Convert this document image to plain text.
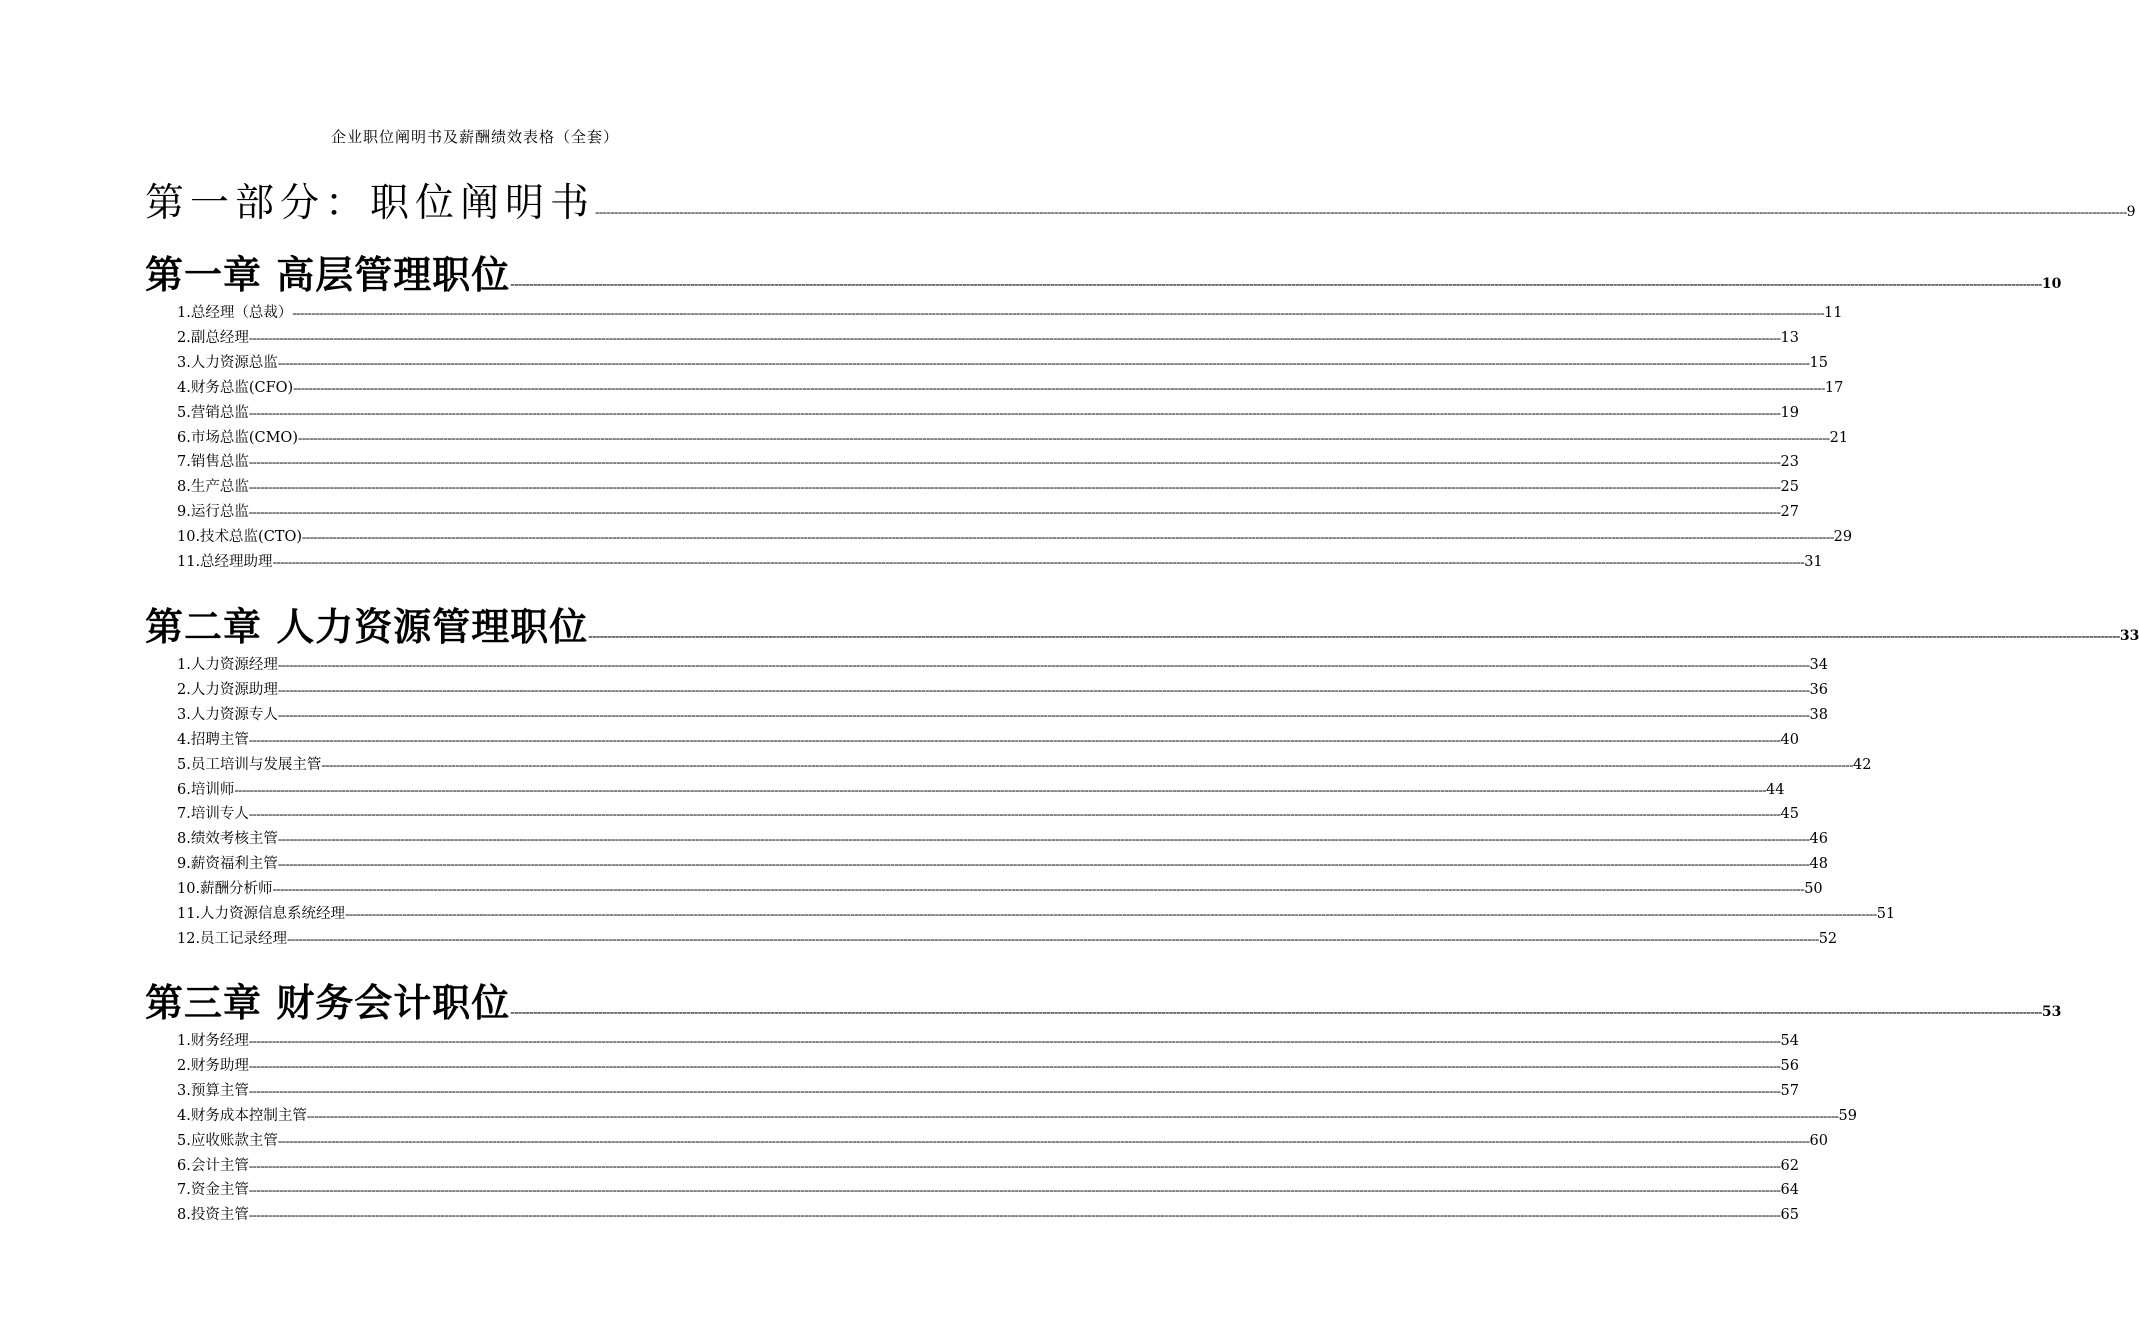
企业职位阐明书及薪酬绩效表格（全套）
第一部分：职位阐明书 ---------------------------------------------------------------------------------------------------------------------------------------------------------------------------------------------------------------------------------------------------------------------------------------------------------------------------------------------------------------------------------------------------------------- 9
第一章 高层管理职位 ---------------------------------------------------------------------------------------------------------------------------------------------------------------------------------------------------------------------------------------------------------------------------------------------------------------------------------------------------------------------------------------------------------------- 10
1.总经理（总裁） ---------------------------------------------------------------------------------------------------------------------------------------------------------------------------------------------------------------------------------------------------------------------------------------------------------------------------------------------------------------------------------------------------------------- 11
2.副总经理 ---------------------------------------------------------------------------------------------------------------------------------------------------------------------------------------------------------------------------------------------------------------------------------------------------------------------------------------------------------------------------------------------------------------- 13
3.人力资源总监 ---------------------------------------------------------------------------------------------------------------------------------------------------------------------------------------------------------------------------------------------------------------------------------------------------------------------------------------------------------------------------------------------------------------- 15
4.财务总监(CFO) ---------------------------------------------------------------------------------------------------------------------------------------------------------------------------------------------------------------------------------------------------------------------------------------------------------------------------------------------------------------------------------------------------------------- 17
5.营销总监 ---------------------------------------------------------------------------------------------------------------------------------------------------------------------------------------------------------------------------------------------------------------------------------------------------------------------------------------------------------------------------------------------------------------- 19
6.市场总监(CMO) ---------------------------------------------------------------------------------------------------------------------------------------------------------------------------------------------------------------------------------------------------------------------------------------------------------------------------------------------------------------------------------------------------------------- 21
7.销售总监 ---------------------------------------------------------------------------------------------------------------------------------------------------------------------------------------------------------------------------------------------------------------------------------------------------------------------------------------------------------------------------------------------------------------- 23
8.生产总监 ---------------------------------------------------------------------------------------------------------------------------------------------------------------------------------------------------------------------------------------------------------------------------------------------------------------------------------------------------------------------------------------------------------------- 25
9.运行总监 ---------------------------------------------------------------------------------------------------------------------------------------------------------------------------------------------------------------------------------------------------------------------------------------------------------------------------------------------------------------------------------------------------------------- 27
10.技术总监(CTO) ---------------------------------------------------------------------------------------------------------------------------------------------------------------------------------------------------------------------------------------------------------------------------------------------------------------------------------------------------------------------------------------------------------------- 29
11.总经理助理 ---------------------------------------------------------------------------------------------------------------------------------------------------------------------------------------------------------------------------------------------------------------------------------------------------------------------------------------------------------------------------------------------------------------- 31
第二章 人力资源管理职位 ---------------------------------------------------------------------------------------------------------------------------------------------------------------------------------------------------------------------------------------------------------------------------------------------------------------------------------------------------------------------------------------------------------------- 33
1.人力资源经理 ---------------------------------------------------------------------------------------------------------------------------------------------------------------------------------------------------------------------------------------------------------------------------------------------------------------------------------------------------------------------------------------------------------------- 34
2.人力资源助理 ---------------------------------------------------------------------------------------------------------------------------------------------------------------------------------------------------------------------------------------------------------------------------------------------------------------------------------------------------------------------------------------------------------------- 36
3.人力资源专人 ---------------------------------------------------------------------------------------------------------------------------------------------------------------------------------------------------------------------------------------------------------------------------------------------------------------------------------------------------------------------------------------------------------------- 38
4.招聘主管 ---------------------------------------------------------------------------------------------------------------------------------------------------------------------------------------------------------------------------------------------------------------------------------------------------------------------------------------------------------------------------------------------------------------- 40
5.员工培训与发展主管 ---------------------------------------------------------------------------------------------------------------------------------------------------------------------------------------------------------------------------------------------------------------------------------------------------------------------------------------------------------------------------------------------------------------- 42
6.培训师 ---------------------------------------------------------------------------------------------------------------------------------------------------------------------------------------------------------------------------------------------------------------------------------------------------------------------------------------------------------------------------------------------------------------- 44
7.培训专人 ---------------------------------------------------------------------------------------------------------------------------------------------------------------------------------------------------------------------------------------------------------------------------------------------------------------------------------------------------------------------------------------------------------------- 45
8.绩效考核主管 ---------------------------------------------------------------------------------------------------------------------------------------------------------------------------------------------------------------------------------------------------------------------------------------------------------------------------------------------------------------------------------------------------------------- 46
9.薪资福利主管 ---------------------------------------------------------------------------------------------------------------------------------------------------------------------------------------------------------------------------------------------------------------------------------------------------------------------------------------------------------------------------------------------------------------- 48
10.薪酬分析师 ---------------------------------------------------------------------------------------------------------------------------------------------------------------------------------------------------------------------------------------------------------------------------------------------------------------------------------------------------------------------------------------------------------------- 50
11.人力资源信息系统经理 ---------------------------------------------------------------------------------------------------------------------------------------------------------------------------------------------------------------------------------------------------------------------------------------------------------------------------------------------------------------------------------------------------------------- 51
12.员工记录经理 ---------------------------------------------------------------------------------------------------------------------------------------------------------------------------------------------------------------------------------------------------------------------------------------------------------------------------------------------------------------------------------------------------------------- 52
第三章 财务会计职位 ---------------------------------------------------------------------------------------------------------------------------------------------------------------------------------------------------------------------------------------------------------------------------------------------------------------------------------------------------------------------------------------------------------------- 53
1.财务经理 ---------------------------------------------------------------------------------------------------------------------------------------------------------------------------------------------------------------------------------------------------------------------------------------------------------------------------------------------------------------------------------------------------------------- 54
2.财务助理 ---------------------------------------------------------------------------------------------------------------------------------------------------------------------------------------------------------------------------------------------------------------------------------------------------------------------------------------------------------------------------------------------------------------- 56
3.预算主管 ---------------------------------------------------------------------------------------------------------------------------------------------------------------------------------------------------------------------------------------------------------------------------------------------------------------------------------------------------------------------------------------------------------------- 57
4.财务成本控制主管 ---------------------------------------------------------------------------------------------------------------------------------------------------------------------------------------------------------------------------------------------------------------------------------------------------------------------------------------------------------------------------------------------------------------- 59
5.应收账款主管 ---------------------------------------------------------------------------------------------------------------------------------------------------------------------------------------------------------------------------------------------------------------------------------------------------------------------------------------------------------------------------------------------------------------- 60
6.会计主管 ---------------------------------------------------------------------------------------------------------------------------------------------------------------------------------------------------------------------------------------------------------------------------------------------------------------------------------------------------------------------------------------------------------------- 62
7.资金主管 ---------------------------------------------------------------------------------------------------------------------------------------------------------------------------------------------------------------------------------------------------------------------------------------------------------------------------------------------------------------------------------------------------------------- 64
8.投资主管 ---------------------------------------------------------------------------------------------------------------------------------------------------------------------------------------------------------------------------------------------------------------------------------------------------------------------------------------------------------------------------------------------------------------- 65
